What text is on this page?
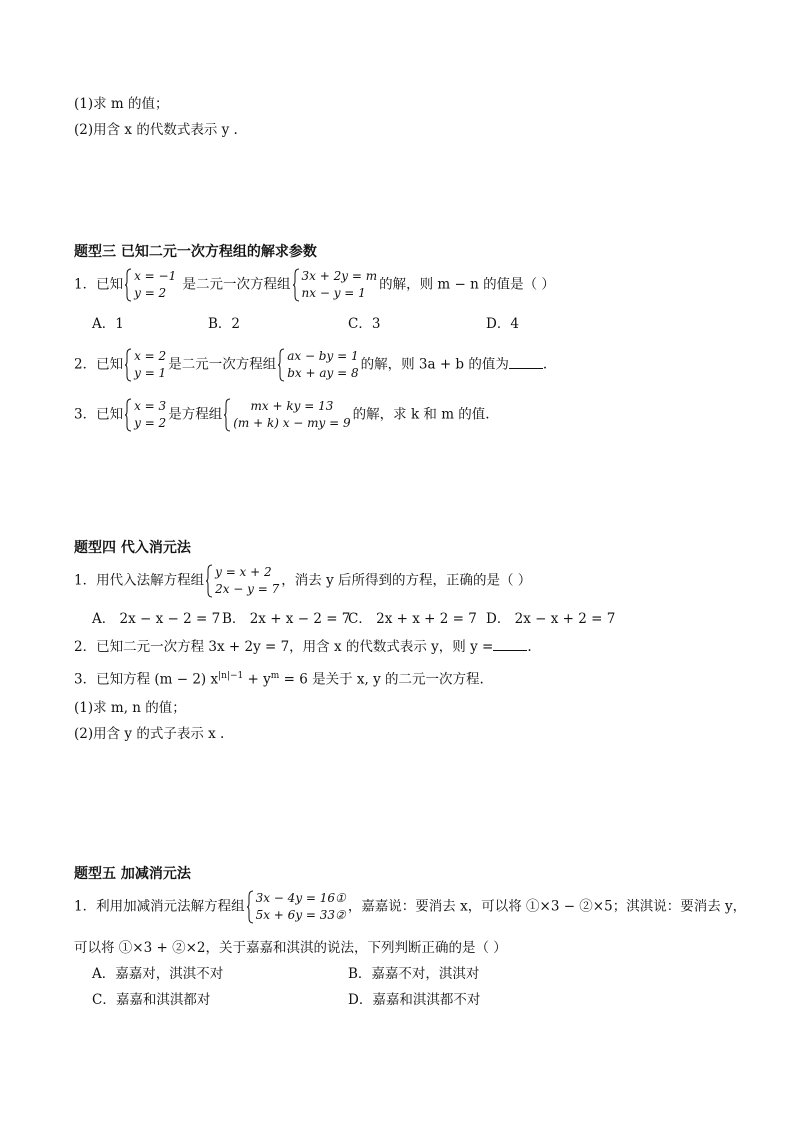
(1)求 m 的值；
(2)用含 x 的代数式表示 y .
题型三 已知二元一次方程组的解求参数
1．已知
x = −1
y = 2
是二元一次方程组
3x + 2y = m
nx − y = 1
的解，则 m − n 的值是（ ）
A．1	B．2	C．3	D．4
2．已知
x = 2
y = 1
是二元一次方程组
ax − by = 1
bx + ay = 8
的解，则 3a + b 的值为	.
3．已知
x = 3
y = 2
是方程组
mx + ky = 13
(m + k) x − my = 9
的解，求 k 和 m 的值.
题型四 代入消元法
1．用代入法解方程组
y = x + 2
2x − y = 7
，消去 y 后所得到的方程，正确的是（ ）
A． 2x − x − 2 = 7 B． 2x + x − 2 = 7
C． 2x + x + 2 = 7 D． 2x − x + 2 = 7
2．已知二元一次方程 3x + 2y = 7，用含 x 的代数式表示 y，则 y =	.
3．已知方程 (m − 2) $x^{|n|-1} + y^m = 6$ 是关于 x, y 的二元一次方程.
(1)求 m, n 的值；
(2)用含 y 的式子表示 x .
题型五 加减消元法
1．利用加减消元法解方程组
3x − 4y = 16①
5x + 6y = 33②
，嘉嘉说：要消去 x，可以将 ①×3 − ②×5；淇淇说：要消去 y，
可以将 ①×3 + ②×2，关于嘉嘉和淇淇的说法，下列判断正确的是（ ）
A．嘉嘉对，淇淇不对	B．嘉嘉不对，淇淇对
C．嘉嘉和淇淇都对	D．嘉嘉和淇淇都不对
